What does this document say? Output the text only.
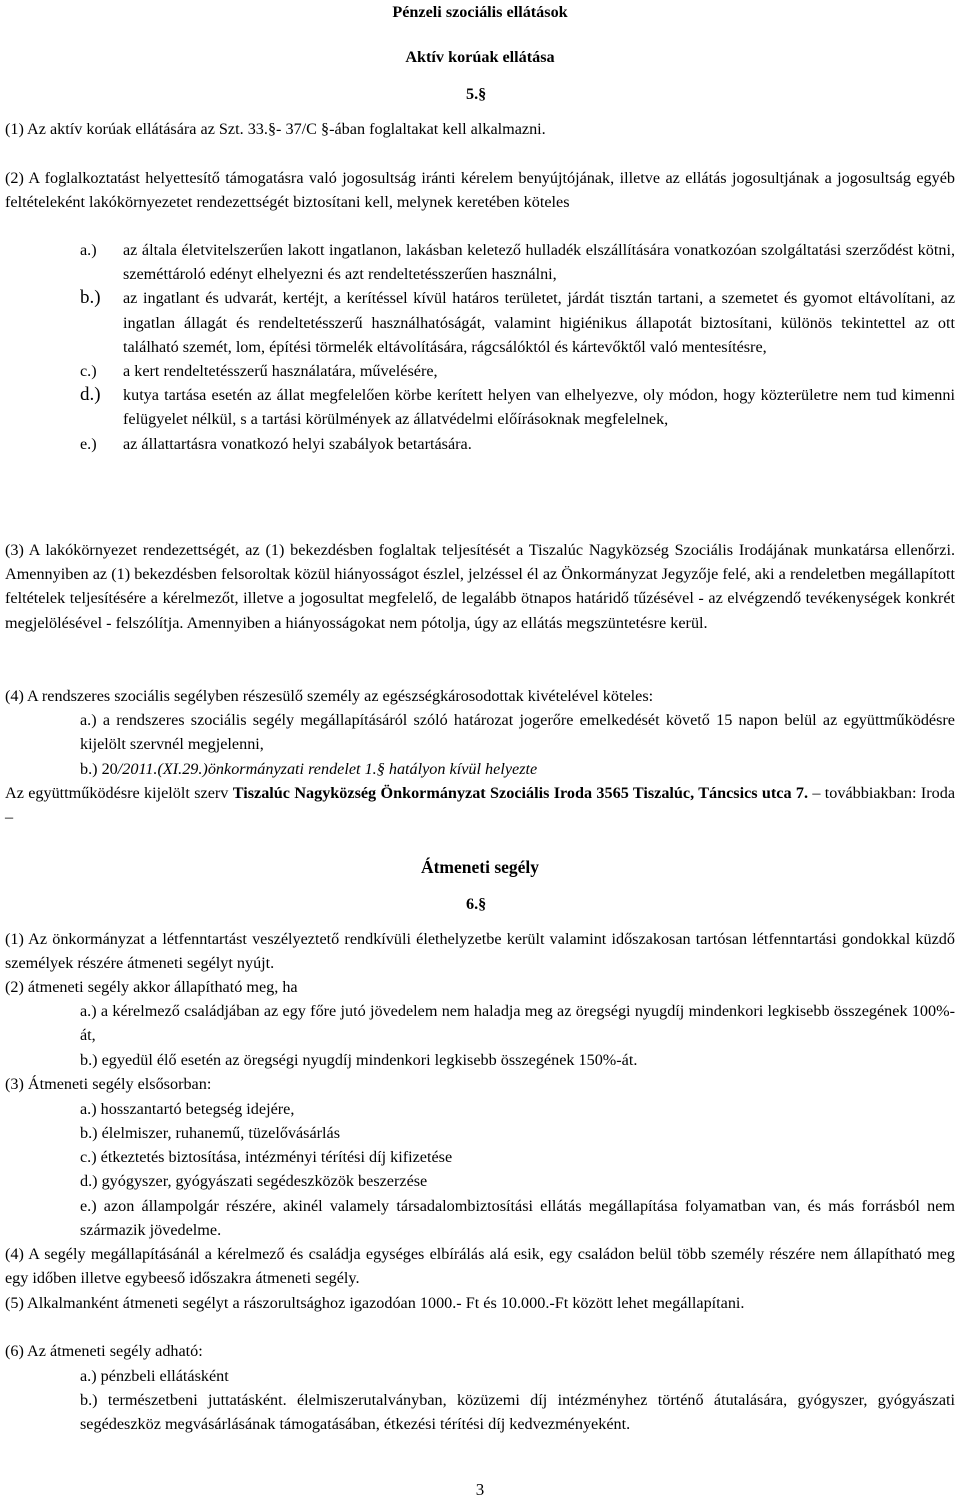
Pénzeli szociális ellátások

Aktív korúak ellátása

5.§

(1) Az aktív korúak ellátására az Szt. 33.§- 37/C §-ában foglaltakat kell alkalmazni.

(2) A foglalkoztatást helyettesítő támogatásra való jogosultság iránti kérelem benyújtójának, illetve az ellátás jogosultjának a jogosultság egyéb feltételeként lakókörnyezetet rendezettségét biztosítani kell, melynek keretében köteles

a.)	az általa életvitelszerűen lakott ingatlanon, lakásban keletező hulladék elszállítására vonatkozóan szolgáltatási szerződést kötni, szeméttároló edényt elhelyezni és azt rendeltetésszerűen használni,
b.)	az ingatlant és udvarát, kertéjt, a kerítéssel kívül határos területet, járdát tisztán tartani, a szemetet és gyomot eltávolítani, az ingatlan állagát és rendeltetésszerű használhatóságát, valamint higiénikus állapotát biztosítani, különös tekintettel az ott található szemét, lom, építési törmelék eltávolítására, rágcsálóktól és kártevőktől való mentesítésre,
c.)	a kert rendeltetésszerű használatára, művelésére,
d.)	kutya tartása esetén az állat megfelelően körbe kerített helyen van elhelyezve, oly módon, hogy közterületre nem tud kimenni felügyelet nélkül, s a tartási körülmények az állatvédelmi előírásoknak megfelelnek,
e.)	az állattartásra vonatkozó helyi szabályok betartására.

(3) A lakókörnyezet rendezettségét, az (1) bekezdésben foglaltak teljesítését a Tiszalúc Nagyközség Szociális Irodájának munkatársa ellenőrzi. Amennyiben az (1) bekezdésben felsoroltak közül hiányosságot észlel, jelzéssel él az Önkormányzat Jegyzője felé, aki a rendeletben megállapított feltételek teljesítésére a kérelmezőt, illetve a jogosultat megfelelő, de legalább ötnapos határidő tűzésével - az elvégzendő tevékenységek konkrét megjelölésével - felszólítja. Amennyiben a hiányosságokat nem pótolja, úgy az ellátás megszüntetésre kerül.

(4) A rendszeres szociális segélyben részesülő személy az egészségkárosodottak kivételével köteles:

a.) a rendszeres szociális segély megállapításáról szóló határozat jogerőre emelkedését követő 15 napon belül az együttműködésre kijelölt szervnél megjelenni,

b.) 20/2011.(XI.29.)önkormányzati rendelet 1.§ hatályon kívül helyezte

Az együttműködésre kijelölt szerv Tiszalúc Nagyközség Önkormányzat Szociális Iroda 3565 Tiszalúc, Táncsics utca 7. – továbbiakban: Iroda –

Átmeneti segély

6.§

(1) Az önkormányzat a létfenntartást veszélyeztető rendkívüli élethelyzetbe került valamint időszakosan tartósan létfenntartási gondokkal küzdő személyek részére átmeneti segélyt nyújt.

(2) átmeneti segély akkor állapítható meg, ha

a.) a kérelmező családjában az egy főre jutó jövedelem nem haladja meg az öregségi nyugdíj mindenkori legkisebb összegének 100%-át,

b.) egyedül élő esetén az öregségi nyugdíj mindenkori legkisebb összegének 150%-át.

(3) Átmeneti segély elsősorban:

a.) hosszantartó betegség idejére,

b.) élelmiszer, ruhanemű, tüzelővásárlás

c.) étkeztetés biztosítása, intézményi térítési díj kifizetése

d.) gyógyszer, gyógyászati segédeszközök beszerzése

e.) azon állampolgár részére, akinél valamely társadalombiztosítási ellátás megállapítása folyamatban van, és más forrásból nem származik jövedelme.

(4) A segély megállapításánál a kérelmező és családja egységes elbírálás alá esik, egy családon belül több személy részére nem állapítható meg egy időben illetve egybeeső időszakra átmeneti segély.

(5) Alkalmanként átmeneti segélyt a rászorultsághoz igazodóan 1000.- Ft és 10.000.-Ft között lehet megállapítani.

(6) Az átmeneti segély adható:

a.) pénzbeli ellátásként

b.) természetbeni juttatásként. élelmiszerutalványban, közüzemi díj intézményhez történő átutalására, gyógyszer, gyógyászati segédeszköz megvásárlásának támogatásában, étkezési térítési díj kedvezményeként.

3
